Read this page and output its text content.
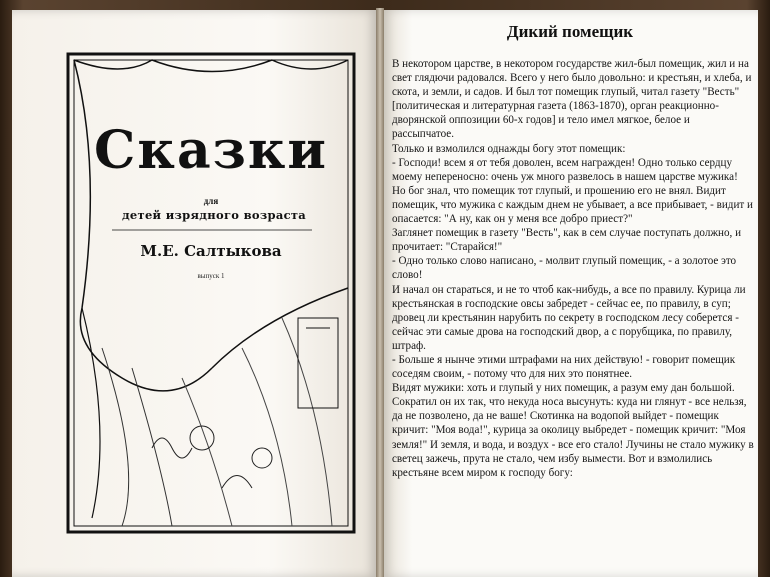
Сказки
для
детей изрядного возраста
М.Е. Салтыкова
выпуск 1
Дикий помещик

В некотором царстве, в некотором государстве жил-был помещик, жил и на свет глядючи радовался. Всего у него было довольно: и крестьян, и хлеба, и скота, и земли, и садов. И был тот помещик глупый, читал газету "Весть" [политическая и литературная газета (1863-1870), орган реакционно-дворянской оппозиции 60-х годов] и тело имел мягкое, белое и рассыпчатое.

Только и взмолился однажды богу этот помещик:

- Господи! всем я от тебя доволен, всем награжден! Одно только сердцу моему непереносно: очень уж много развелось в нашем царстве мужика!

Но бог знал, что помещик тот глупый, и прошению его не внял. Видит помещик, что мужика с каждым днем не убывает, а все прибывает, - видит и опасается: "А ну, как он у меня все добро приест?"

Заглянет помещик в газету "Весть", как в сем случае поступать должно, и прочитает: "Старайся!"

- Одно только слово написано, - молвит глупый помещик, - а золотое это слово!

И начал он стараться, и не то чтоб как-нибудь, а все по правилу. Курица ли крестьянская в господские овсы забредет - сейчас ее, по правилу, в суп; дровец ли крестьянин нарубить по секрету в господском лесу соберется - сейчас эти самые дрова на господский двор, а с порубщика, по правилу, штраф.

- Больше я нынче этими штрафами на них действую! - говорит помещик соседям своим, - потому что для них это понятнее.

Видят мужики: хоть и глупый у них помещик, а разум ему дан большой. Сократил он их так, что некуда носа высунуть: куда ни глянут - все нельзя, да не позволено, да не ваше! Скотинка на водопой выйдет - помещик кричит: "Моя вода!", курица за околицу выбредет - помещик кричит: "Моя земля!" И земля, и вода, и воздух - все его стало! Лучины не стало мужику в светец зажечь, прута не стало, чем избу вымести. Вот и взмолились крестьяне всем миром к господу богу:
